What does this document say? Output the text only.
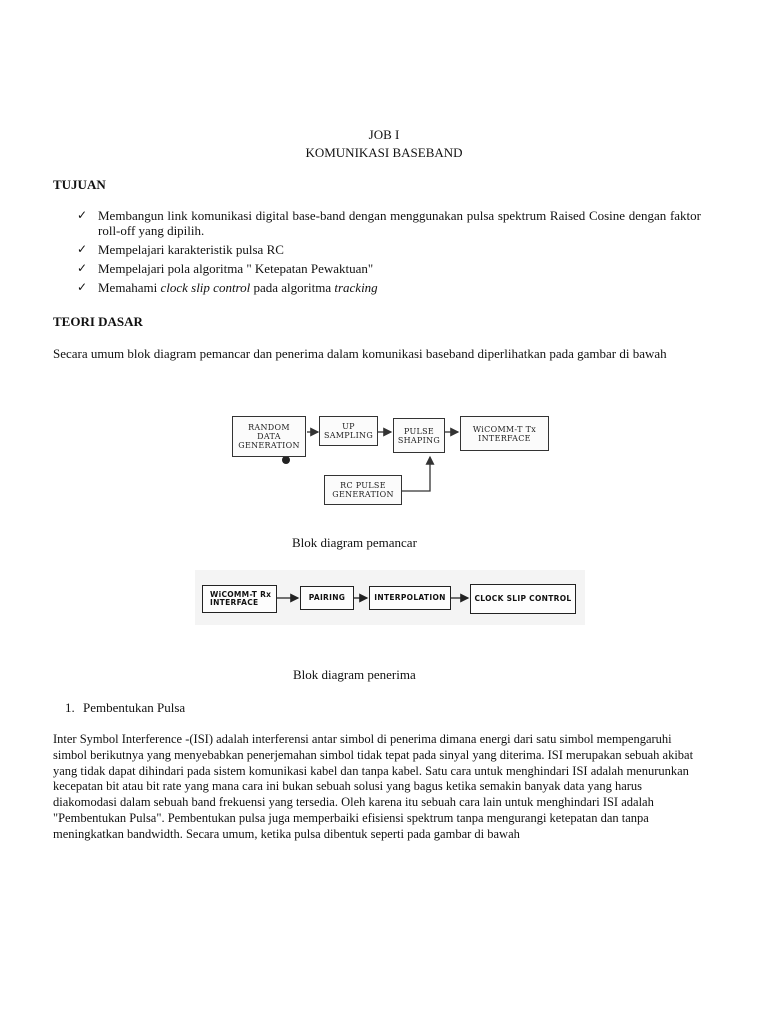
JOB I
KOMUNIKASI BASEBAND
TUJUAN
✓ Membangun link komunikasi digital base-band dengan menggunakan pulsa spektrum Raised Cosine dengan faktor roll-off yang dipilih.
✓ Mempelajari karakteristik pulsa RC
✓ Mempelajari pola algoritma " Ketepatan Pewaktuan"
✓ Memahami clock slip control pada algoritma tracking
TEORI DASAR
Secara umum blok diagram pemancar dan penerima dalam komunikasi baseband diperlihatkan pada gambar di bawah
RANDOM
DATA
GENERATION
UP
SAMPLING	PULSE
SHAPING
WiCOMM-T Tx
INTERFACE
RC PULSE
GENERATION
Blok diagram pemancar
WiCOMM-T Rx
INTERFACE
PAIRING	INTERPOLATION	CLOCK SLIP CONTROL
Blok diagram penerima
1. Pembentukan Pulsa
Inter Symbol Interference -(ISI) adalah interferensi antar simbol di penerima dimana energi dari satu simbol mempengaruhi simbol berikutnya yang menyebabkan penerjemahan simbol tidak tepat pada sinyal yang diterima. ISI merupakan sebuah akibat yang tidak dapat dihindari pada sistem komunikasi kabel dan tanpa kabel. Satu cara untuk menghindari ISI adalah menurunkan kecepatan bit atau bit rate yang mana cara ini bukan sebuah solusi yang bagus ketika semakin banyak data yang harus diakomodasi dalam sebuah band frekuensi yang tersedia. Oleh karena itu sebuah cara lain untuk menghindari ISI adalah "Pembentukan Pulsa". Pembentukan pulsa juga memperbaiki efisiensi spektrum tanpa mengurangi ketepatan dan tanpa meningkatkan bandwidth. Secara umum, ketika pulsa dibentuk seperti pada gambar di bawah
